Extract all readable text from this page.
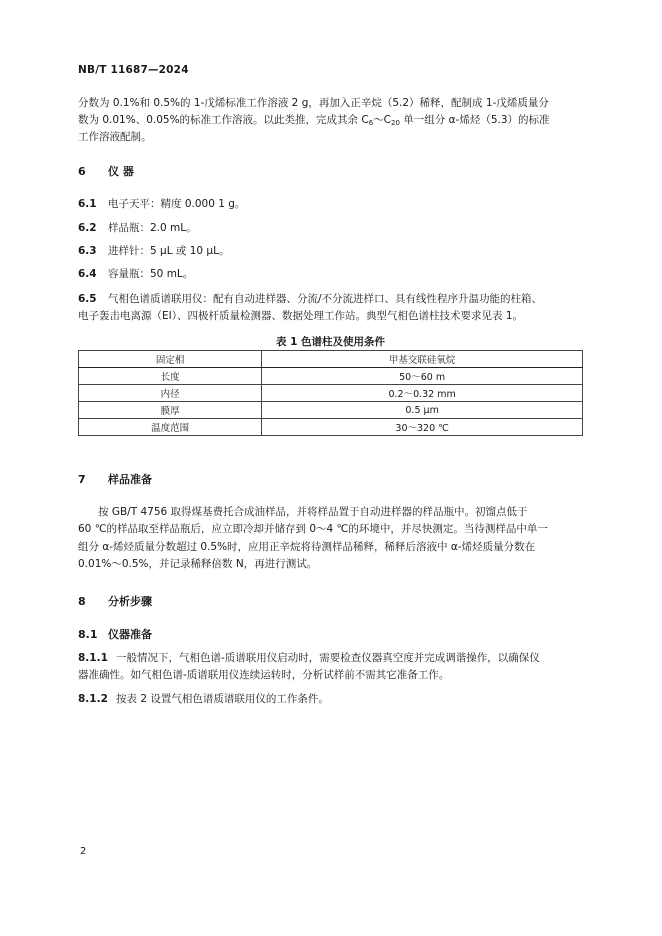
NB/T 11687—2024
分数为 0.1%和 0.5%的 1-戊烯标准工作溶液 2 g，再加入正辛烷（5.2）稀释，配制成 1-戊烯质量分
数为 0.01%、0.05%的标准工作溶液。以此类推，完成其余 $C_6\sim C_{20}$ 单一组分 α-烯烃（5.3）的标准
工作溶液配制。
6 仪 器
6.1 电子天平：精度 0.000 1 g。
6.2 样品瓶：2.0 mL。
6.3 进样针：5 μL 或 10 μL。
6.4 容量瓶：50 mL。
6.5 气相色谱质谱联用仪：配有自动进样器、分流/不分流进样口、具有线性程序升温功能的柱箱、
电子轰击电离源（EI）、四极杆质量检测器、数据处理工作站。典型气相色谱柱技术要求见表 1。
表 1 色谱柱及使用条件
固定相	甲基交联硅氧烷
长度	50～60 m
内径	0.2～0.32 mm
膜厚	0.5 μm
温度范围	30～320 ℃
7 样品准备
按 GB/T 4756 取得煤基费托合成油样品，并将样品置于自动进样器的样品瓶中。初馏点低于
60 ℃的样品取至样品瓶后，应立即冷却并储存到 0～4 ℃的环境中，并尽快测定。当待测样品中单一
组分 α-烯烃质量分数超过 0.5%时，应用正辛烷将待测样品稀释，稀释后溶液中 α-烯烃质量分数在
0.01%～0.5%，并记录稀释倍数 N，再进行测试。
8 分析步骤
8.1 仪器准备
8.1.1 一般情况下，气相色谱-质谱联用仪启动时，需要检查仪器真空度并完成调谐操作，以确保仪
器准确性。如气相色谱-质谱联用仪连续运转时，分析试样前不需其它准备工作。
8.1.2 按表 2 设置气相色谱质谱联用仪的工作条件。
2
